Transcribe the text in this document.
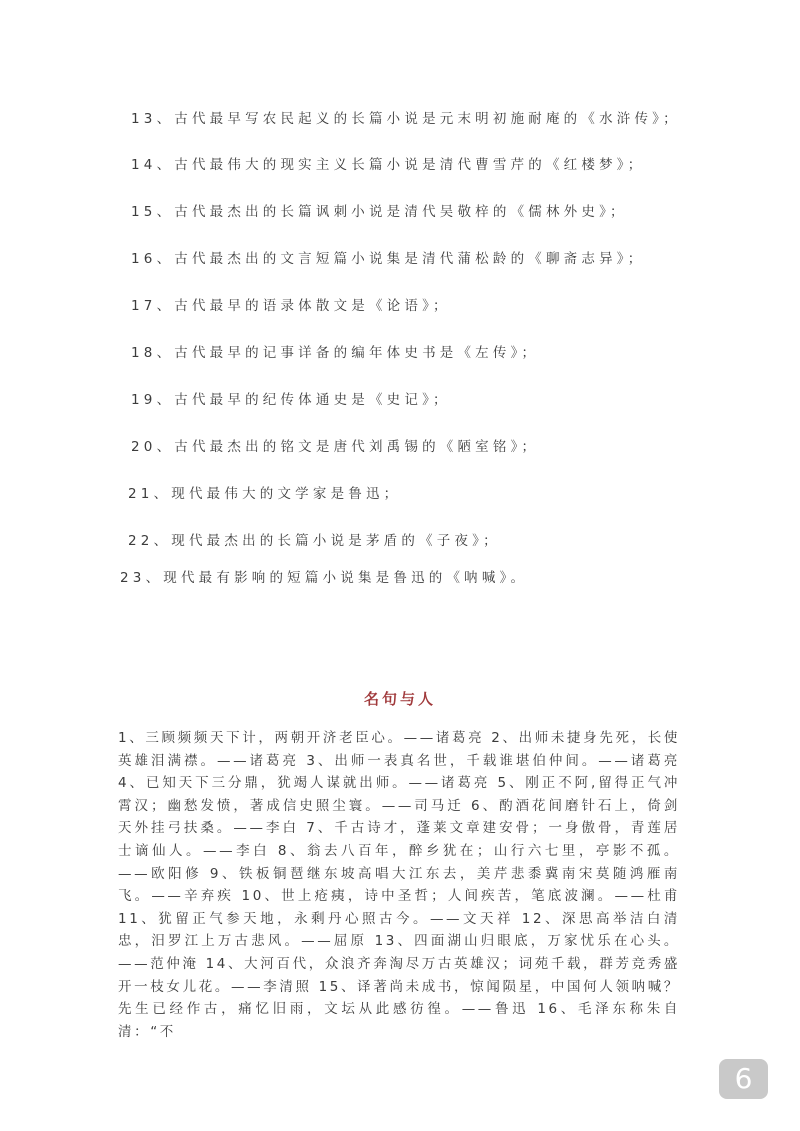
13、古代最早写农民起义的长篇小说是元末明初施耐庵的《水浒传》；
14、古代最伟大的现实主义长篇小说是清代曹雪芹的《红楼梦》；
15、古代最杰出的长篇讽刺小说是清代吴敬梓的《儒林外史》；
16、古代最杰出的文言短篇小说集是清代蒲松龄的《聊斋志异》；
17、古代最早的语录体散文是《论语》；
18、古代最早的记事详备的编年体史书是《左传》；
19、古代最早的纪传体通史是《史记》；
20、古代最杰出的铭文是唐代刘禹锡的《陋室铭》；
21、现代最伟大的文学家是鲁迅；
22、现代最杰出的长篇小说是茅盾的《子夜》；
23、现代最有影响的短篇小说集是鲁迅的《呐喊》。
名句与人
1、三顾频频天下计，两朝开济老臣心。——诸葛亮 2、出师未捷身先死，长使英雄泪满襟。——诸葛亮 3、出师一表真名世，千载谁堪伯仲间。——诸葛亮 4、已知天下三分鼎，犹竭人谋就出师。——诸葛亮 5、刚正不阿,留得正气冲霄汉；幽愁发愤，著成信史照尘寰。——司马迁 6、酌酒花间磨针石上，倚剑天外挂弓扶桑。——李白 7、千古诗才，蓬莱文章建安骨；一身傲骨，青莲居士谪仙人。——李白 8、翁去八百年，醉乡犹在；山行六七里，亭影不孤。——欧阳修 9、铁板铜琶继东坡高唱大江东去，美芹悲黍冀南宋莫随鸿雁南飞。——辛弃疾 10、世上疮痍，诗中圣哲；人间疾苦，笔底波澜。——杜甫 11、犹留正气参天地，永剩丹心照古今。——文天祥 12、深思高举洁白清忠，汨罗江上万古悲风。——屈原 13、四面湖山归眼底，万家忧乐在心头。——范仲淹 14、大河百代，众浪齐奔淘尽万古英雄汉；词苑千载，群芳竞秀盛开一枝女儿花。——李清照 15、译著尚未成书，惊闻陨星，中国何人领呐喊？先生已经作古，痛忆旧雨，文坛从此感彷徨。——鲁迅 16、毛泽东称朱自清：“不
6
